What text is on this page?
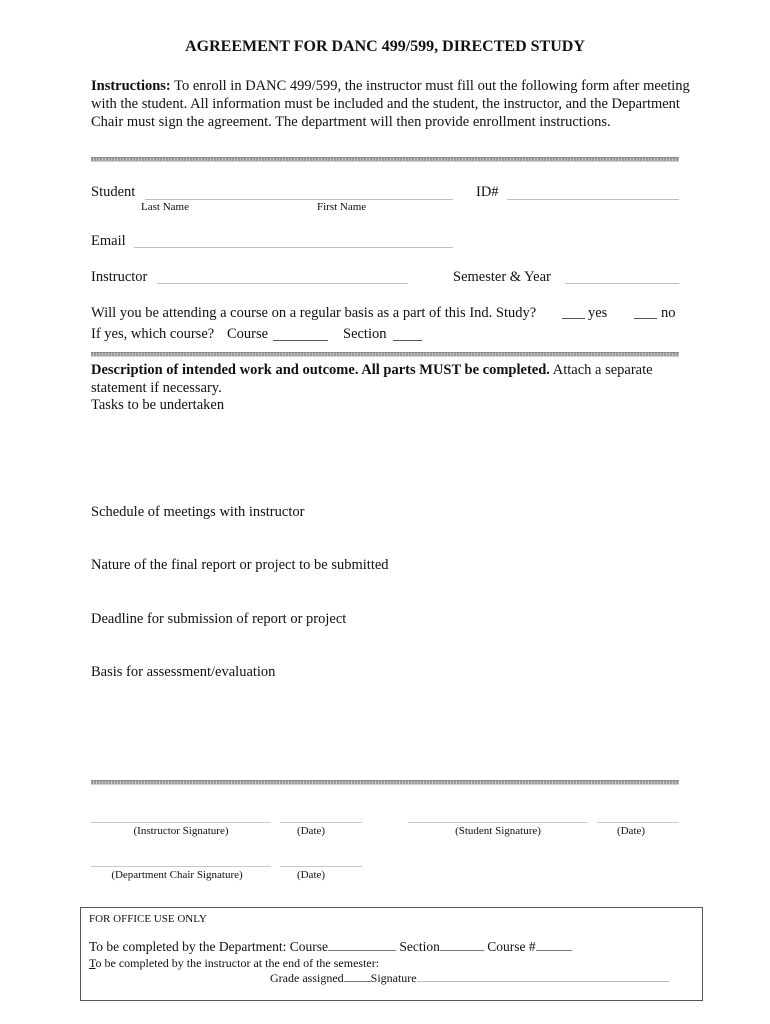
AGREEMENT FOR DANC 499/599, DIRECTED STUDY
Instructions: To enroll in DANC 499/599, the instructor must fill out the following form after meeting with the student. All information must be included and the student, the instructor, and the Department Chair must sign the agreement. The department will then provide enrollment instructions.
Student
Last Name	First Name
ID#
Email
Instructor	Semester & Year
Will you be attending a course on a regular basis as a part of this Ind. Study?	yes	no
If yes, which course? Course	Section
Description of intended work and outcome. All parts MUST be completed. Attach a separate statement if necessary.
Tasks to be undertaken
Schedule of meetings with instructor
Nature of the final report or project to be submitted
Deadline for submission of report or project
Basis for assessment/evaluation
(Instructor Signature)	(Date)	(Student Signature)	(Date)
(Department Chair Signature)	(Date)
FOR OFFICE USE ONLY
To be completed by the Department: Course	Section	Course #
To be completed by the instructor at the end of the semester:
Grade assigned Signature
